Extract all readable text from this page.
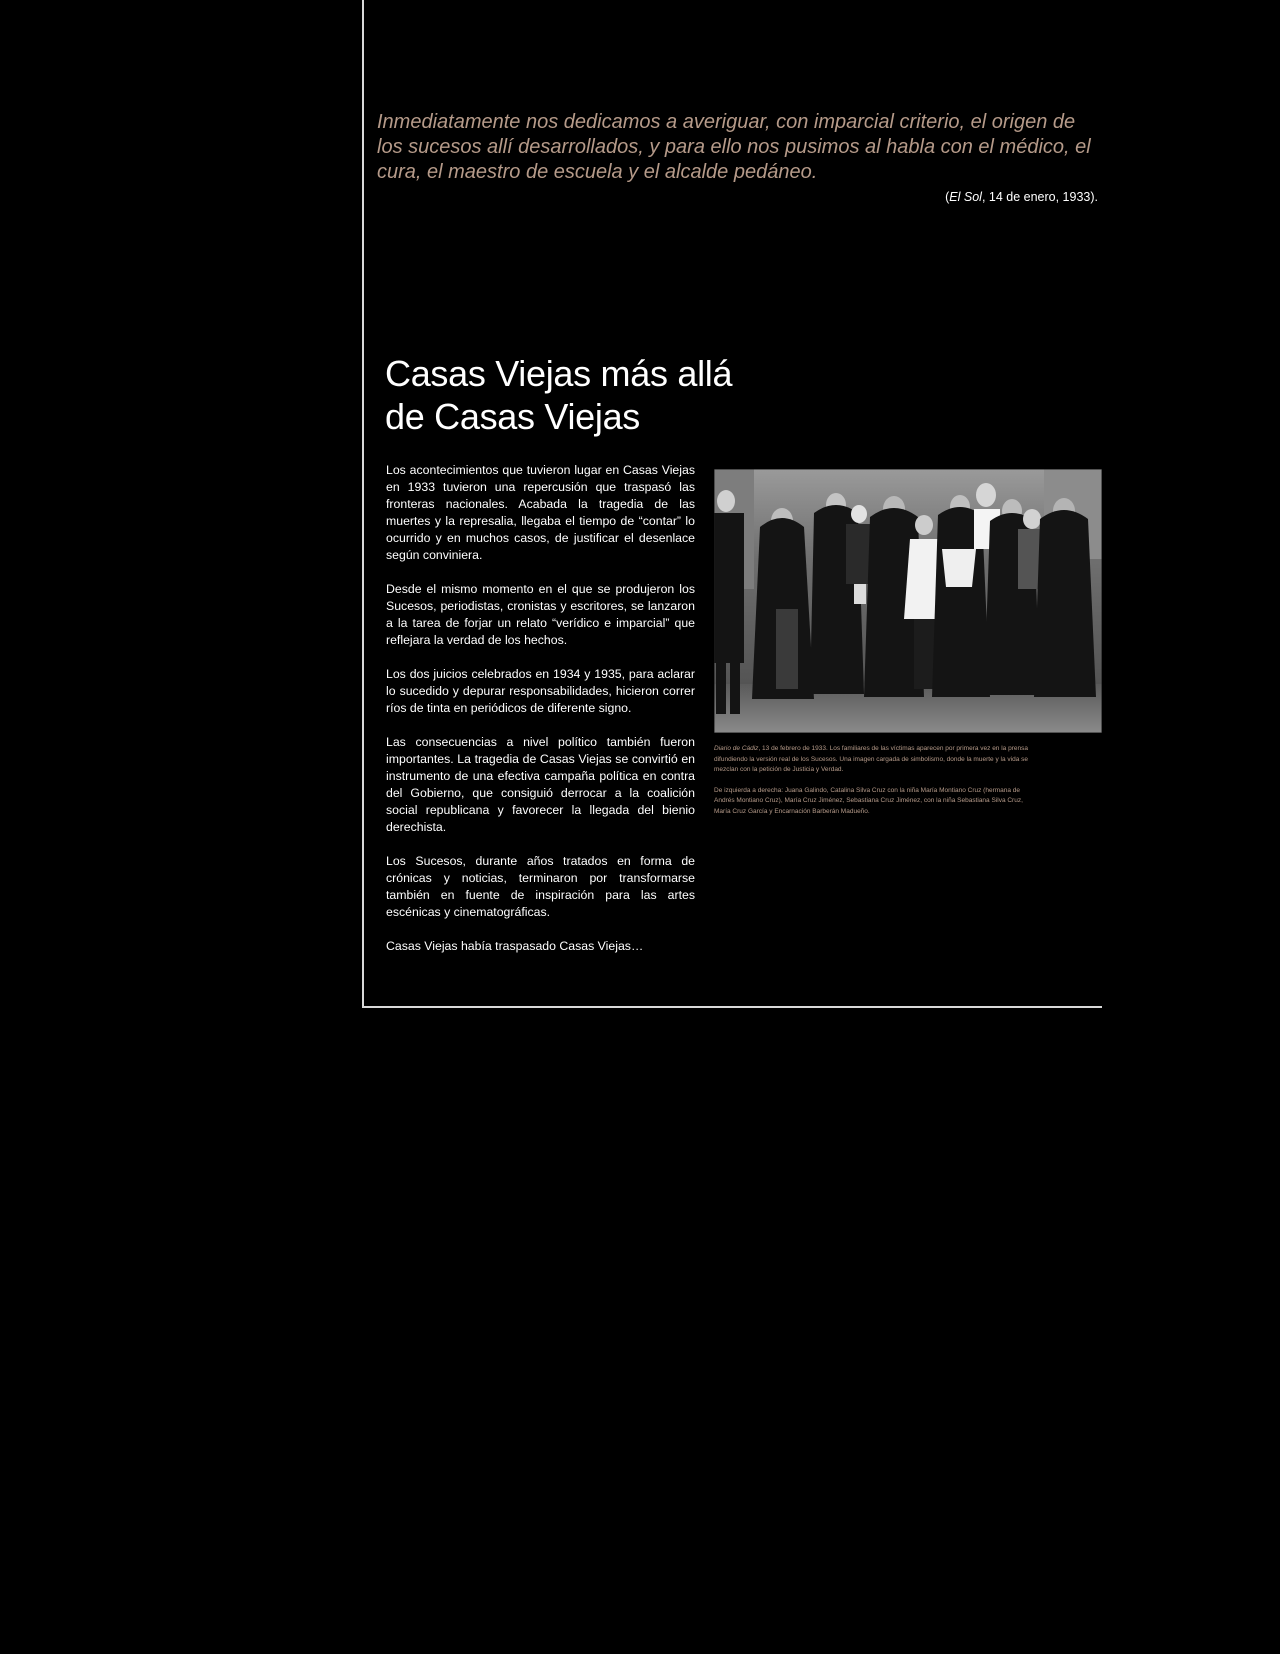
Inmediatamente nos dedicamos a averiguar, con imparcial criterio, el origen de los sucesos allí desarrollados, y para ello nos pusimos al habla con el médico, el cura, el maestro de escuela y el alcalde pedáneo.

(El Sol, 14 de enero, 1933).

Casas Viejas más allá
de Casas Viejas

Los acontecimientos que tuvieron lugar en Casas Viejas en 1933 tuvieron una repercusión que traspasó las fronteras nacionales. Acabada la tragedia de las muertes y la represalia, llegaba el tiempo de “contar” lo ocurrido y en muchos casos, de justificar el desenlace según conviniera.

Desde el mismo momento en el que se produjeron los Sucesos, periodistas, cronistas y escritores, se lanzaron a la tarea de forjar un relato “verídico e imparcial” que reflejara la verdad de los hechos.

Los dos juicios celebrados en 1934 y 1935, para aclarar lo sucedido y depurar responsabilidades, hicieron correr ríos de tinta en periódicos de diferente signo.

Las consecuencias a nivel político también fueron importantes. La tragedia de Casas Viejas se convirtió en instrumento de una efectiva campaña política en contra del Gobierno, que consiguió derrocar a la coalición social republicana y favorecer la llegada del bienio derechista.

Los Sucesos, durante años tratados en forma de crónicas y noticias, terminaron por transformarse también en fuente de inspiración para las artes escénicas y cinematográficas.

Casas Viejas había traspasado Casas Viejas…

Diario de Cádiz, 13 de febrero de 1933. Los familiares de las víctimas aparecen por primera vez en la prensa difundiendo la versión real de los Sucesos. Una imagen cargada de simbolismo, donde la muerte y la vida se mezclan con la petición de Justicia y Verdad.

De izquierda a derecha: Juana Galindo, Catalina Silva Cruz con la niña María Montiano Cruz (hermana de Andrés Montiano Cruz), María Cruz Jiménez, Sebastiana Cruz Jiménez, con la niña Sebastiana Silva Cruz, María Cruz García y Encarnación Barberán Madueño.
